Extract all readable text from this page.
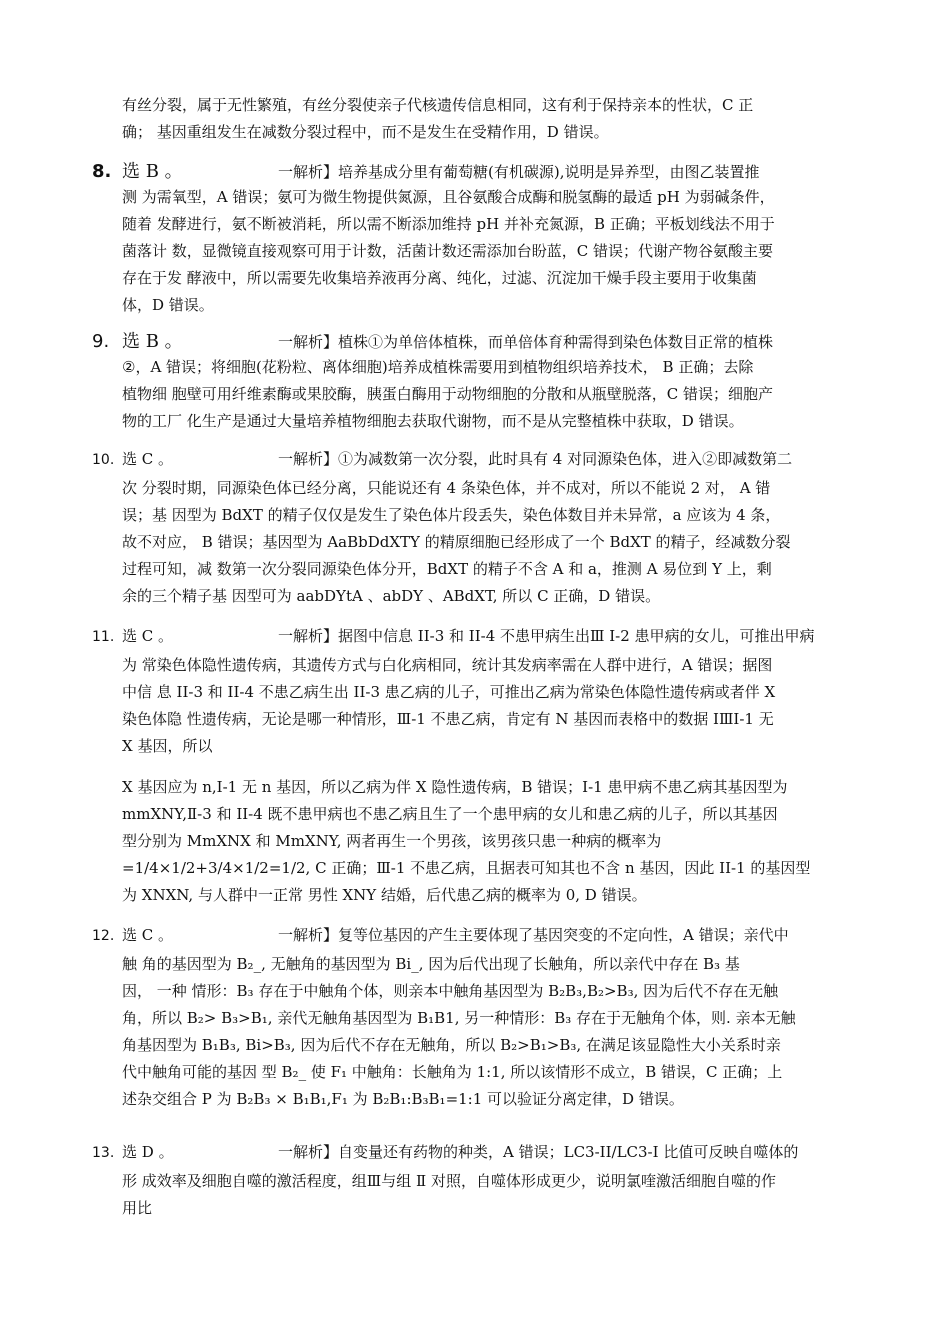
有丝分裂，属于无性繁殖，有丝分裂使亲子代核遗传信息相同，这有利于保持亲本的性状，C 正
确； 基因重组发生在减数分裂过程中，而不是发生在受精作用，D 错误。
8. 选 B 。	一解析】 培养基成分里有葡萄糖(有机碳源),说明是异养型，由图乙装置推

测 为需氧型，A 错误；氨可为微生物提供氮源，且谷氨酸合成酶和脱氢酶的最适 pH 为弱碱条件，

随着 发酵进行，氨不断被消耗，所以需不断添加维持 pH 并补充氮源，B 正确；平板划线法不用于

菌落计 数，显微镜直接观察可用于计数，活菌计数还需添加台盼蓝，C 错误；代谢产物谷氨酸主要

存在于发 酵液中，所以需要先收集培养液再分离、纯化，过滤、沉淀加干燥手段主要用于收集菌

体，D 错误。

9. 选 B 。	一解析】 植株①为单倍体植株，而单倍体育种需得到染色体数目正常的植株

②，A 错误；将细胞(花粉粒、离体细胞)培养成植株需要用到植物组织培养技术， B 正确；去除

植物细 胞壁可用纤维素酶或果胶酶，胰蛋白酶用于动物细胞的分散和从瓶壁脱落，C 错误；细胞产

物的工厂 化生产是通过大量培养植物细胞去获取代谢物，而不是从完整植株中获取，D 错误。

10. 选 C 。	一解析】 ①为减数第一次分裂，此时具有 4 对同源染色体，进入②即减数第二

次 分裂时期，同源染色体已经分离，只能说还有 4 条染色体，并不成对，所以不能说 2 对， A 错

误；基 因型为 BdXT 的精子仅仅是发生了染色体片段丢失，染色体数目并未异常，a 应该为 4 条，

故不对应， B 错误；基因型为 AaBbDdXTY 的精原细胞已经形成了一个 BdXT 的精子，经减数分裂

过程可知，减 数第一次分裂同源染色体分开，BdXT 的精子不含 A 和 a，推测 A 易位到 Y 上，剩

余的三个精子基 因型可为 aabDYtA 、abDY 、ABdXT, 所以 C 正确，D 错误。

11. 选 C 。	一解析】 据图中信息 II-3 和 II-4 不患甲病生出Ⅲ I-2 患甲病的女儿，可推出甲病

为 常染色体隐性遗传病，其遗传方式与白化病相同，统计其发病率需在人群中进行，A 错误；据图

中信 息 II-3 和 II-4 不患乙病生出 II-3 患乙病的儿子，可推出乙病为常染色体隐性遗传病或者伴 X

染色体隐 性遗传病，无论是哪一种情形，Ⅲ-1 不患乙病，肯定有 N 基因而表格中的数据 IⅢI-1 无

X 基因，所以

X 基因应为 n,I-1 无 n 基因，所以乙病为伴 X 隐性遗传病，B 错误；I-1 患甲病不患乙病其基因型为

mmXNY,Ⅱ-3 和 II-4 既不患甲病也不患乙病且生了一个患甲病的女儿和患乙病的儿子，所以其基因

型分别为 MmXNX 和 MmXNY, 两者再生一个男孩，该男孩只患一种病的概率为

=1/4×1/2+3/4×1/2=1/2, C 正确；Ⅲ-1 不患乙病，且据表可知其也不含 n 基因，因此 II-1 的基因型

为 XNXN, 与人群中一正常 男性 XNY 结婚，后代患乙病的概率为 0, D 错误。

12. 选 C 。	一解析】 复等位基因的产生主要体现了基因突变的不定向性，A 错误；亲代中

触 角的基因型为 B₂_, 无触角的基因型为 Bi_, 因为后代出现了长触角，所以亲代中存在 B₃ 基

因， 一种 情形：B₃ 存在于中触角个体，则亲本中触角基因型为 B₂B₃,B₂>B₃, 因为后代不存在无触

角，所以 B₂> B₃>B₁, 亲代无触角基因型为 B₁B1, 另一种情形：B₃ 存在于无触角个体，则. 亲本无触

角基因型为 B₁B₃, Bi>B₃, 因为后代不存在无触角，所以 B₂>B₁>B₃, 在满足该显隐性大小关系时亲

代中触角可能的基因 型 B₂_ 使 F₁ 中触角：长触角为 1:1, 所以该情形不成立，B 错误，C 正确；上

述杂交组合 P 为 B₂B₃ × B₁B₁,F₁ 为 B₂B₁:B₃B₁=1:1 可以验证分离定律，D 错误。

13. 选 D 。	一解析】 自变量还有药物的种类，A 错误；LC3-II/LC3-I 比值可反映自噬体的

形 成效率及细胞自噬的激活程度，组Ⅲ与组 Ⅱ 对照，自噬体形成更少，说明氯喹激活细胞自噬的作

用比
